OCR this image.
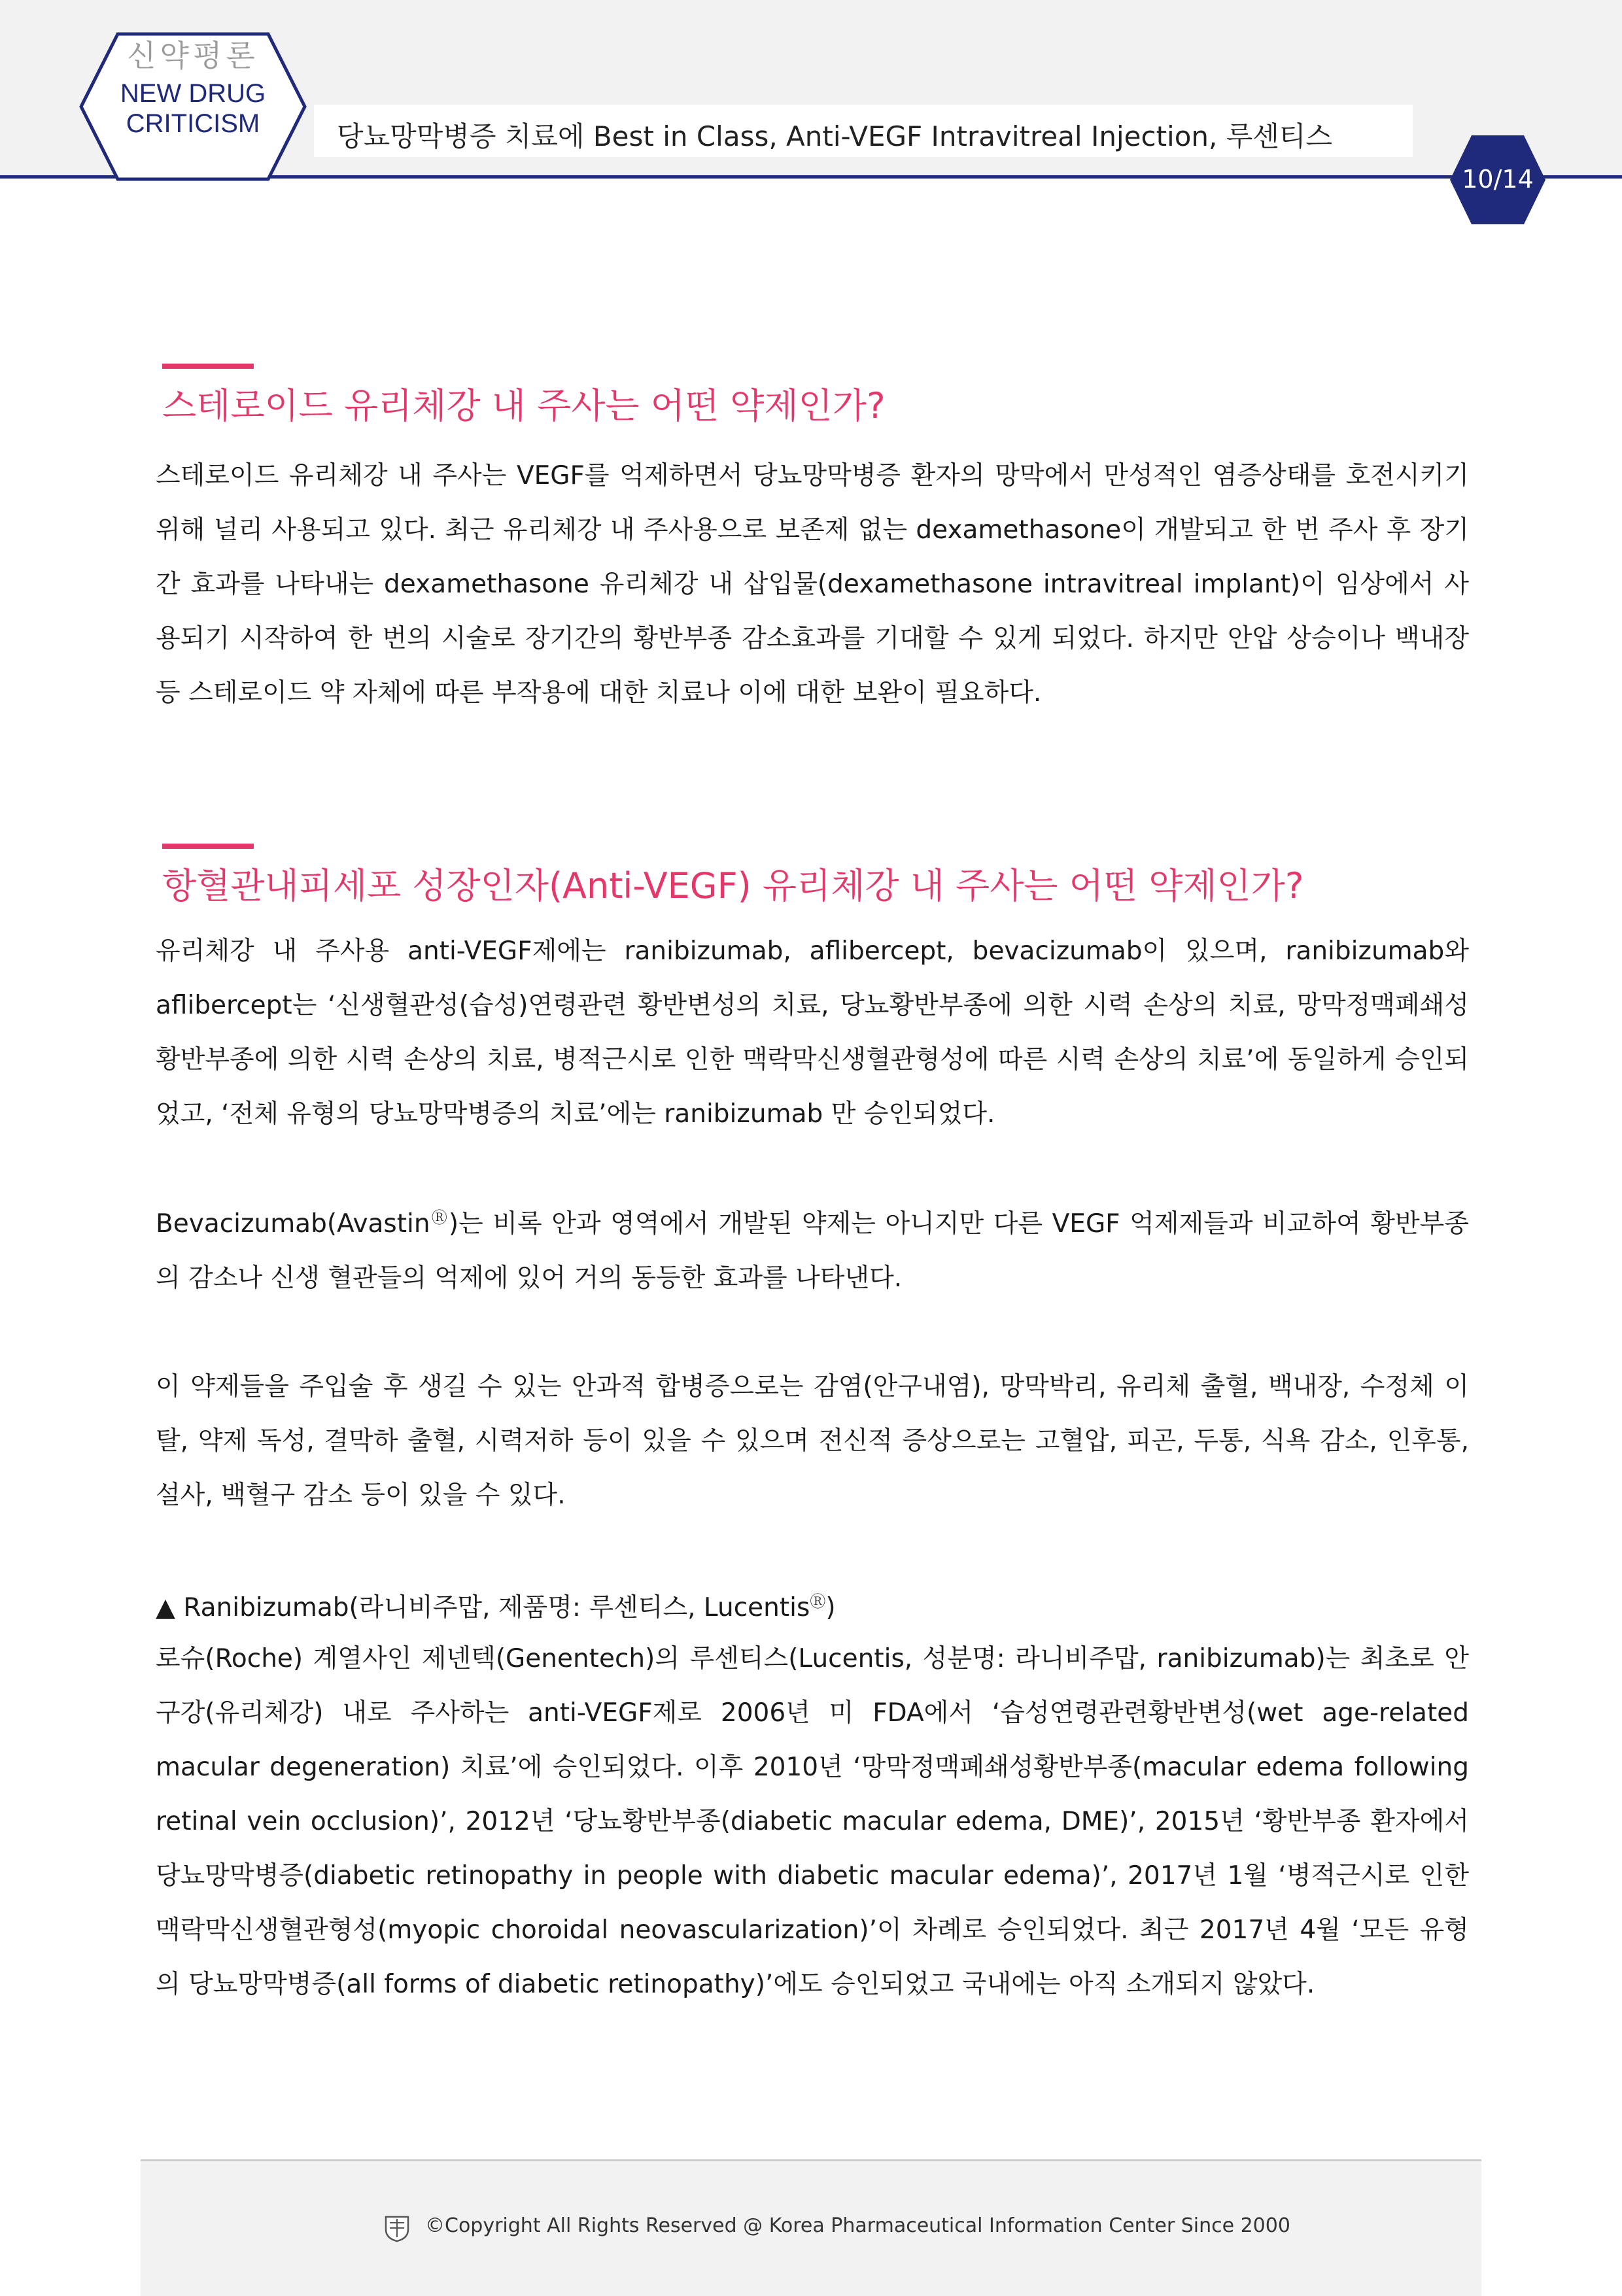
신약평론
NEW DRUG
CRITICISM	당뇨망막병증 치료에 Best in Class, Anti-VEGF Intravitreal Injection, 루센티스
10/14
스테로이드 유리체강 내 주사는 어떤 약제인가?
스테로이드 유리체강 내 주사는 VEGF를 억제하면서 당뇨망막병증 환자의 망막에서 만성적인 염증상태를 호전시키기 위해 널리 사용되고 있다. 최근 유리체강 내 주사용으로 보존제 없는 dexamethasone이 개발되고 한 번 주사 후 장기간 효과를 나타내는 dexamethasone 유리체강 내 삽입물(dexamethasone intravitreal implant)이 임상에서 사용되기 시작하여 한 번의 시술로 장기간의 황반부종 감소효과를 기대할 수 있게 되었다. 하지만 안압 상승이나 백내장 등 스테로이드 약 자체에 따른 부작용에 대한 치료나 이에 대한 보완이 필요하다.
항혈관내피세포 성장인자(Anti-VEGF) 유리체강 내 주사는 어떤 약제인가?
유리체강 내 주사용 anti-VEGF제에는 ranibizumab, aflibercept, bevacizumab이 있으며, ranibizumab와 aflibercept는 ‘신생혈관성(습성)연령관련 황반변성의 치료, 당뇨황반부종에 의한 시력 손상의 치료, 망막정맥폐쇄성 황반부종에 의한 시력 손상의 치료, 병적근시로 인한 맥락막신생혈관형성에 따른 시력 손상의 치료’에 동일하게 승인되었고, ‘전체 유형의 당뇨망막병증의 치료’에는 ranibizumab 만 승인되었다.
Bevacizumab(AvastinⓇ)는 비록 안과 영역에서 개발된 약제는 아니지만 다른 VEGF 억제제들과 비교하여 황반부종의 감소나 신생 혈관들의 억제에 있어 거의 동등한 효과를 나타낸다.
이 약제들을 주입술 후 생길 수 있는 안과적 합병증으로는 감염(안구내염), 망막박리, 유리체 출혈, 백내장, 수정체 이탈, 약제 독성, 결막하 출혈, 시력저하 등이 있을 수 있으며 전신적 증상으로는 고혈압, 피곤, 두통, 식욕 감소, 인후통, 설사, 백혈구 감소 등이 있을 수 있다.
▲ Ranibizumab(라니비주맙, 제품명: 루센티스, LucentisⓇ)
로슈(Roche) 계열사인 제넨텍(Genentech)의 루센티스(Lucentis, 성분명: 라니비주맙, ranibizumab)는 최초로 안구강(유리체강) 내로 주사하는 anti-VEGF제로 2006년 미 FDA에서 ‘습성연령관련황반변성(wet age-related macular degeneration) 치료’에 승인되었다. 이후 2010년 ‘망막정맥폐쇄성황반부종(macular edema following retinal vein occlusion)’, 2012년 ‘당뇨황반부종(diabetic macular edema, DME)’, 2015년 ‘황반부종 환자에서 당뇨망막병증(diabetic retinopathy in people with diabetic macular edema)’, 2017년 1월 ‘병적근시로 인한 맥락막신생혈관형성(myopic choroidal neovascularization)’이 차례로 승인되었다. 최근 2017년 4월 ‘모든 유형의 당뇨망막병증(all forms of diabetic retinopathy)’에도 승인되었고 국내에는 아직 소개되지 않았다.
©Copyright All Rights Reserved @ Korea Pharmaceutical Information Center Since 2000
